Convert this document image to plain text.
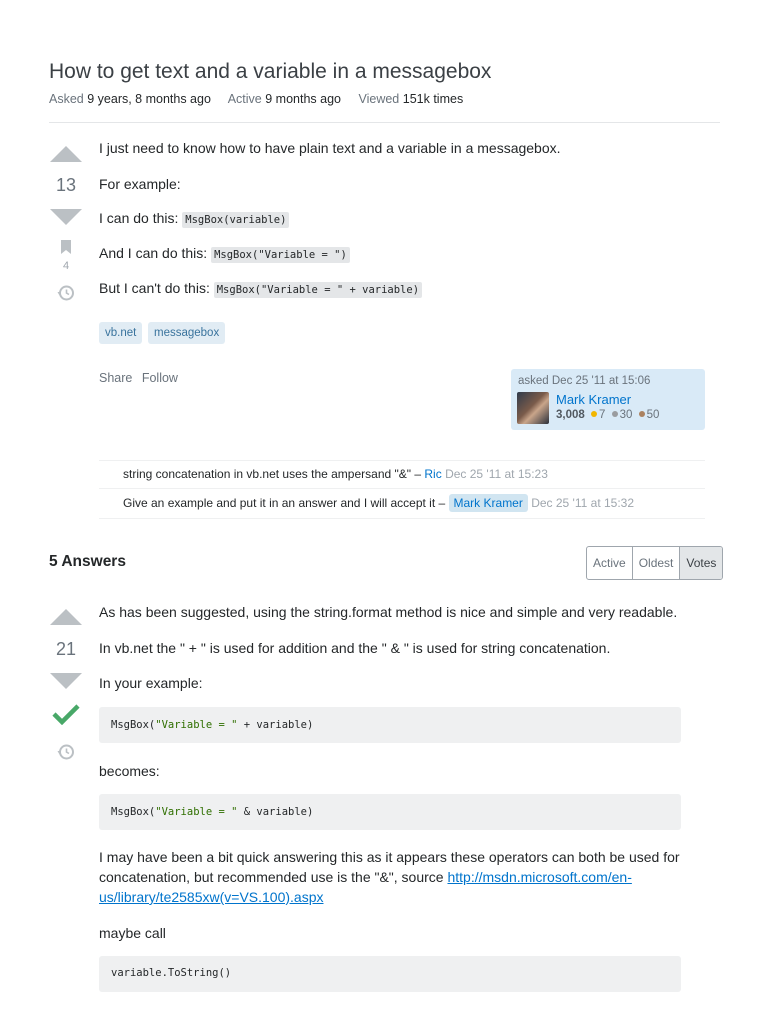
How to get text and a variable in a messagebox
Asked 9 years, 8 months ago Active 9 months ago Viewed 151k times
13
4
I just need to know how to have plain text and a variable in a messagebox.
For example:
I can do this: MsgBox(variable)
And I can do this: MsgBox("Variable = ")
But I can't do this: MsgBox("Variable = " + variable)
vb.net	messagebox
Share Follow	asked Dec 25 '11 at 15:06
Mark Kramer
3,008 7 30 50
string concatenation in vb.net uses the ampersand "&" – Ric Dec 25 '11 at 15:23
Give an example and put it in an answer and I will accept it – Mark Kramer Dec 25 '11 at 15:32
5 Answers	Active	Oldest	Votes
21
As has been suggested, using the string.format method is nice and simple and very readable.
In vb.net the " + " is used for addition and the " & " is used for string concatenation.
In your example:
MsgBox("Variable = " + variable)
becomes:
MsgBox("Variable = " & variable)
I may have been a bit quick answering this as it appears these operators can both be used for
concatenation, but recommended use is the "&", source http://msdn.microsoft.com/en-
us/library/te2585xw(v=VS.100).aspx
maybe call
variable.ToString()
